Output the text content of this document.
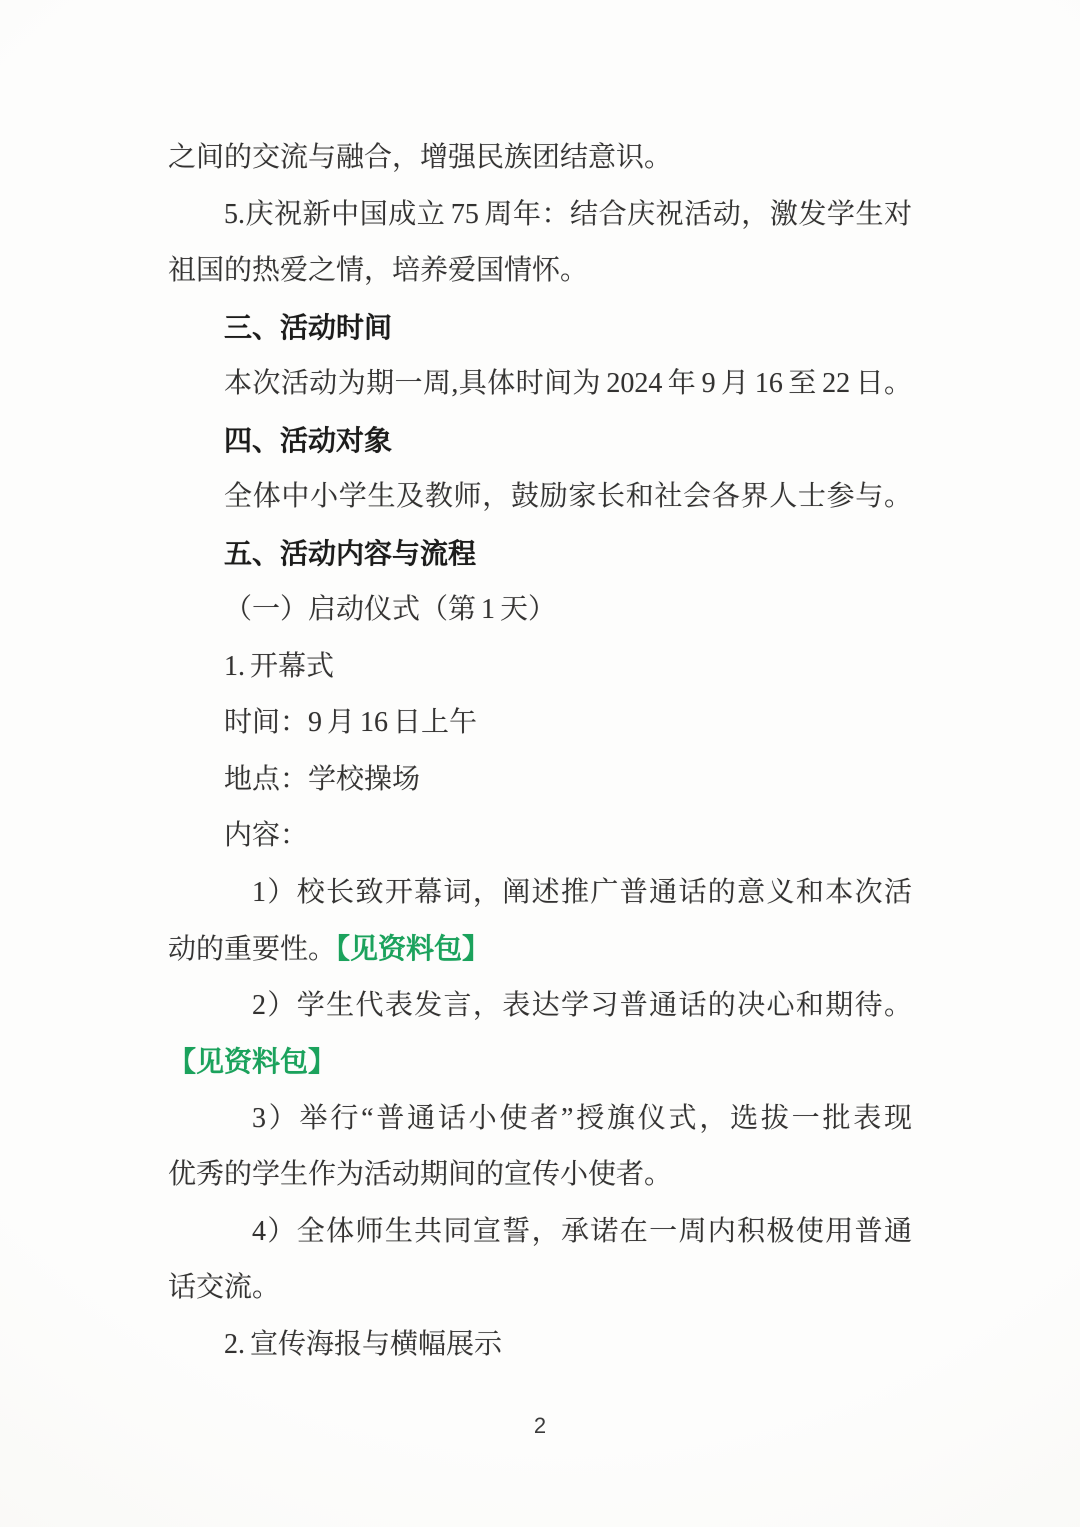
之间的交流与融合，增强民族团结意识。
5.庆祝新中国成立 75 周年：结合庆祝活动，激发学生对
祖国的热爱之情，培养爱国情怀。
三、活动时间
本次活动为期一周,具体时间为 2024 年 9 月 16 至 22 日。
四、活动对象
全体中小学生及教师，鼓励家长和社会各界人士参与。
五、活动内容与流程
（一）启动仪式（第 1 天）
1. 开幕式
时间：9 月 16 日上午
地点：学校操场
内容：
1）校长致开幕词，阐述推广普通话的意义和本次活
动的重要性。【见资料包】
2）学生代表发言，表达学习普通话的决心和期待。
【见资料包】
3）举行“普通话小使者”授旗仪式，选拔一批表现
优秀的学生作为活动期间的宣传小使者。
4）全体师生共同宣誓，承诺在一周内积极使用普通
话交流。
2. 宣传海报与横幅展示
2
